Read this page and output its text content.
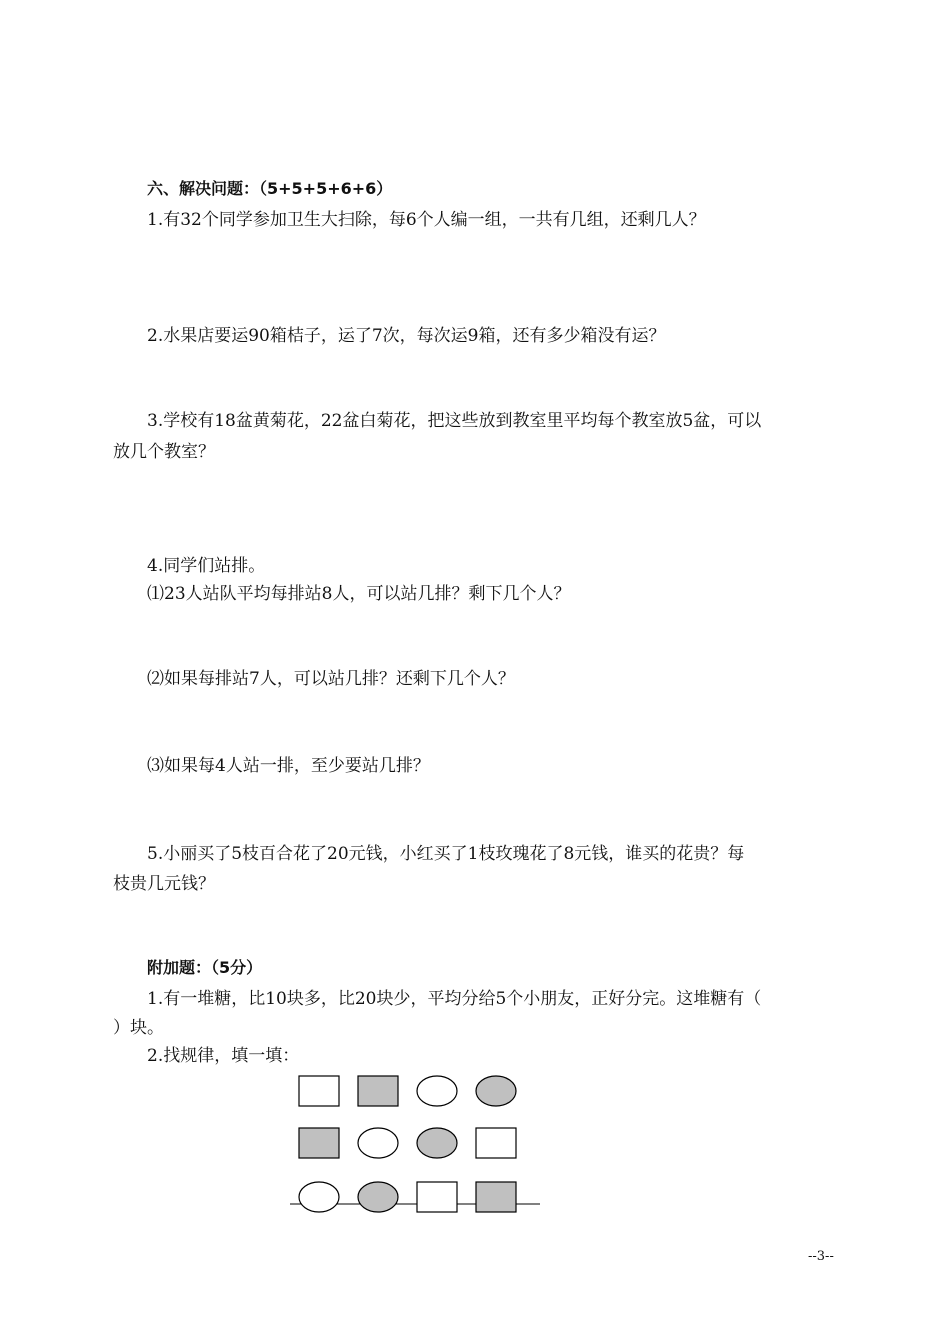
六、解决问题：（5+5+5+6+6）
1.有32个同学参加卫生大扫除，每6个人编一组，一共有几组，还剩几人？
2.水果店要运90箱桔子，运了7次，每次运9箱，还有多少箱没有运？
3.学校有18盆黄菊花，22盆白菊花，把这些放到教室里平均每个教室放5盆，可以
放几个教室？
4.同学们站排。
⑴23人站队平均每排站8人，可以站几排？剩下几个人？
⑵如果每排站7人，可以站几排？还剩下几个人？
⑶如果每4人站一排，至少要站几排？
5.小丽买了5枝百合花了20元钱，小红买了1枝玫瑰花了8元钱，谁买的花贵？每
枝贵几元钱？
附加题：（5分）
1.有一堆糖，比10块多，比20块少，平均分给5个小朋友，正好分完。这堆糖有（
）块。
2.找规律，填一填：
--3--
